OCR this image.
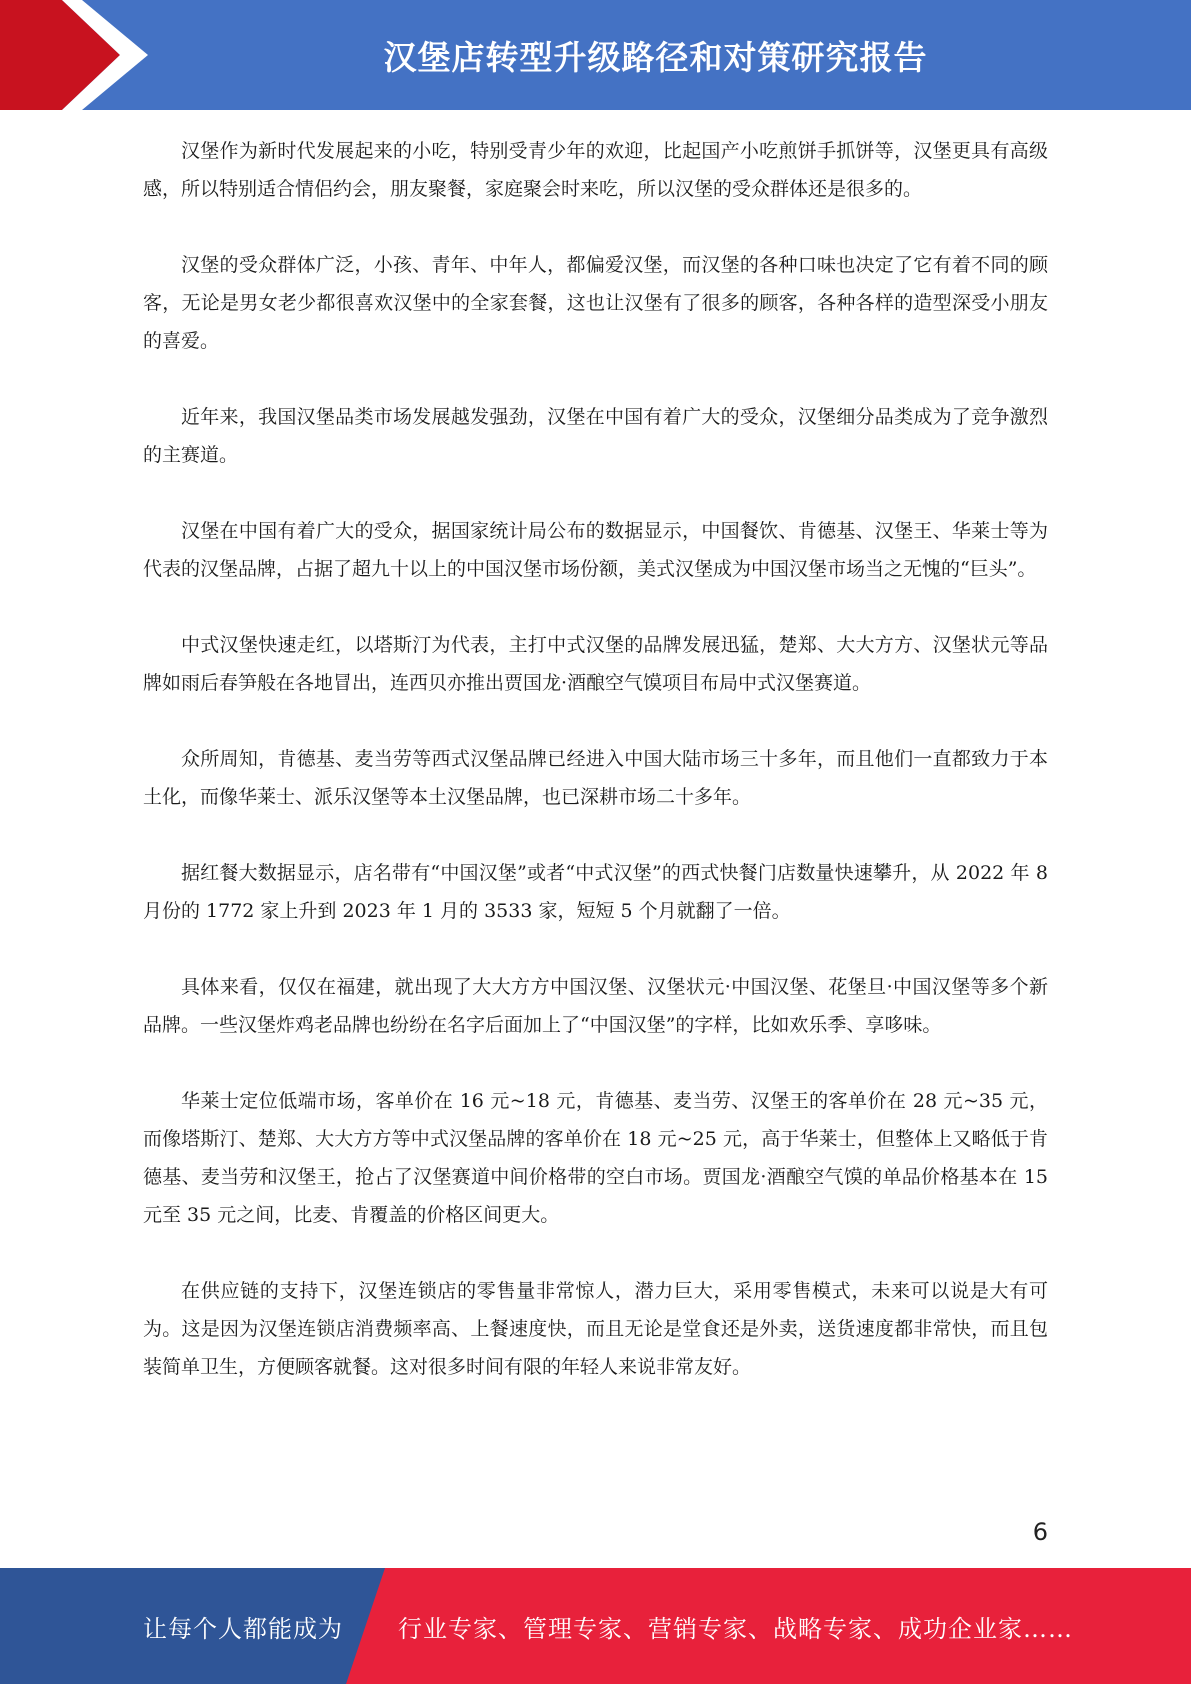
汉堡店转型升级路径和对策研究报告

汉堡作为新时代发展起来的小吃，特别受青少年的欢迎，比起国产小吃煎饼手抓饼等，汉堡更具有高级感，所以特别适合情侣约会，朋友聚餐，家庭聚会时来吃，所以汉堡的受众群体还是很多的。

汉堡的受众群体广泛，小孩、青年、中年人，都偏爱汉堡，而汉堡的各种口味也决定了它有着不同的顾客，无论是男女老少都很喜欢汉堡中的全家套餐，这也让汉堡有了很多的顾客，各种各样的造型深受小朋友的喜爱。

近年来，我国汉堡品类市场发展越发强劲，汉堡在中国有着广大的受众，汉堡细分品类成为了竞争激烈的主赛道。

汉堡在中国有着广大的受众，据国家统计局公布的数据显示，中国餐饮、肯德基、汉堡王、华莱士等为代表的汉堡品牌，占据了超九十以上的中国汉堡市场份额，美式汉堡成为中国汉堡市场当之无愧的“巨头”。

中式汉堡快速走红，以塔斯汀为代表，主打中式汉堡的品牌发展迅猛，楚郑、大大方方、汉堡状元等品牌如雨后春笋般在各地冒出，连西贝亦推出贾国龙·酒酿空气馍项目布局中式汉堡赛道。

众所周知，肯德基、麦当劳等西式汉堡品牌已经进入中国大陆市场三十多年，而且他们一直都致力于本土化，而像华莱士、派乐汉堡等本土汉堡品牌，也已深耕市场二十多年。

据红餐大数据显示，店名带有“中国汉堡”或者“中式汉堡”的西式快餐门店数量快速攀升，从 2022 年 8 月份的 1772 家上升到 2023 年 1 月的 3533 家，短短 5 个月就翻了一倍。

具体来看，仅仅在福建，就出现了大大方方中国汉堡、汉堡状元·中国汉堡、花堡旦·中国汉堡等多个新品牌。一些汉堡炸鸡老品牌也纷纷在名字后面加上了“中国汉堡”的字样，比如欢乐季、享哆味。

华莱士定位低端市场，客单价在 16 元~18 元，肯德基、麦当劳、汉堡王的客单价在 28 元~35 元，而像塔斯汀、楚郑、大大方方等中式汉堡品牌的客单价在 18 元~25 元，高于华莱士，但整体上又略低于肯德基、麦当劳和汉堡王，抢占了汉堡赛道中间价格带的空白市场。贾国龙·酒酿空气馍的单品价格基本在 15 元至 35 元之间，比麦、肯覆盖的价格区间更大。

在供应链的支持下，汉堡连锁店的零售量非常惊人，潜力巨大，采用零售模式，未来可以说是大有可为。这是因为汉堡连锁店消费频率高、上餐速度快，而且无论是堂食还是外卖，送货速度都非常快，而且包装简单卫生，方便顾客就餐。这对很多时间有限的年轻人来说非常友好。

6
让每个人都能成为 行业专家、管理专家、营销专家、战略专家、成功企业家……
